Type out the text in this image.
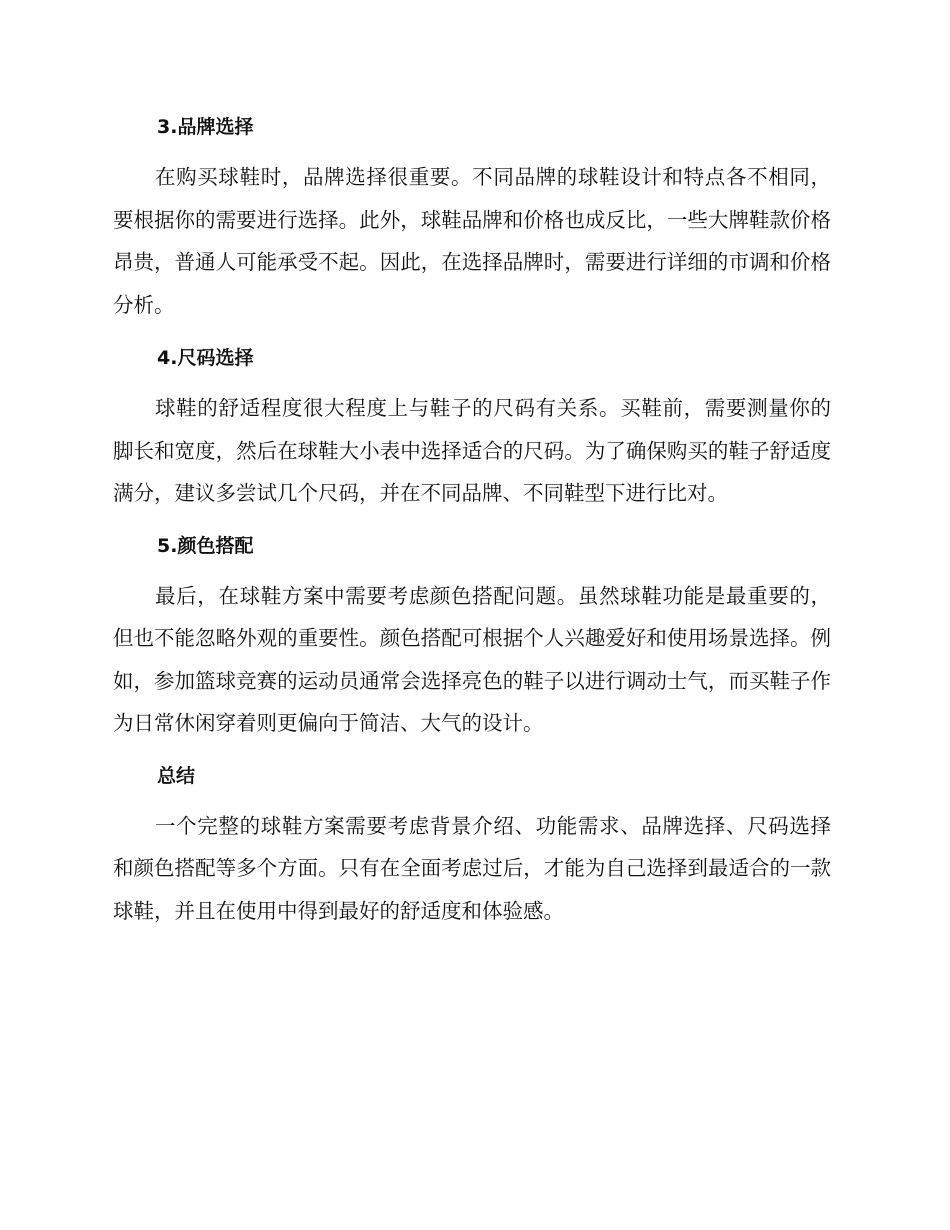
3.品牌选择

在购买球鞋时，品牌选择很重要。不同品牌的球鞋设计和特点各不相同，要根据你的需要进行选择。此外，球鞋品牌和价格也成反比，一些大牌鞋款价格昂贵，普通人可能承受不起。因此，在选择品牌时，需要进行详细的市调和价格分析。

4.尺码选择

球鞋的舒适程度很大程度上与鞋子的尺码有关系。买鞋前，需要测量你的脚长和宽度，然后在球鞋大小表中选择适合的尺码。为了确保购买的鞋子舒适度满分，建议多尝试几个尺码，并在不同品牌、不同鞋型下进行比对。

5.颜色搭配

最后，在球鞋方案中需要考虑颜色搭配问题。虽然球鞋功能是最重要的，但也不能忽略外观的重要性。颜色搭配可根据个人兴趣爱好和使用场景选择。例如，参加篮球竞赛的运动员通常会选择亮色的鞋子以进行调动士气，而买鞋子作为日常休闲穿着则更偏向于简洁、大气的设计。

总结

一个完整的球鞋方案需要考虑背景介绍、功能需求、品牌选择、尺码选择和颜色搭配等多个方面。只有在全面考虑过后，才能为自己选择到最适合的一款球鞋，并且在使用中得到最好的舒适度和体验感。
